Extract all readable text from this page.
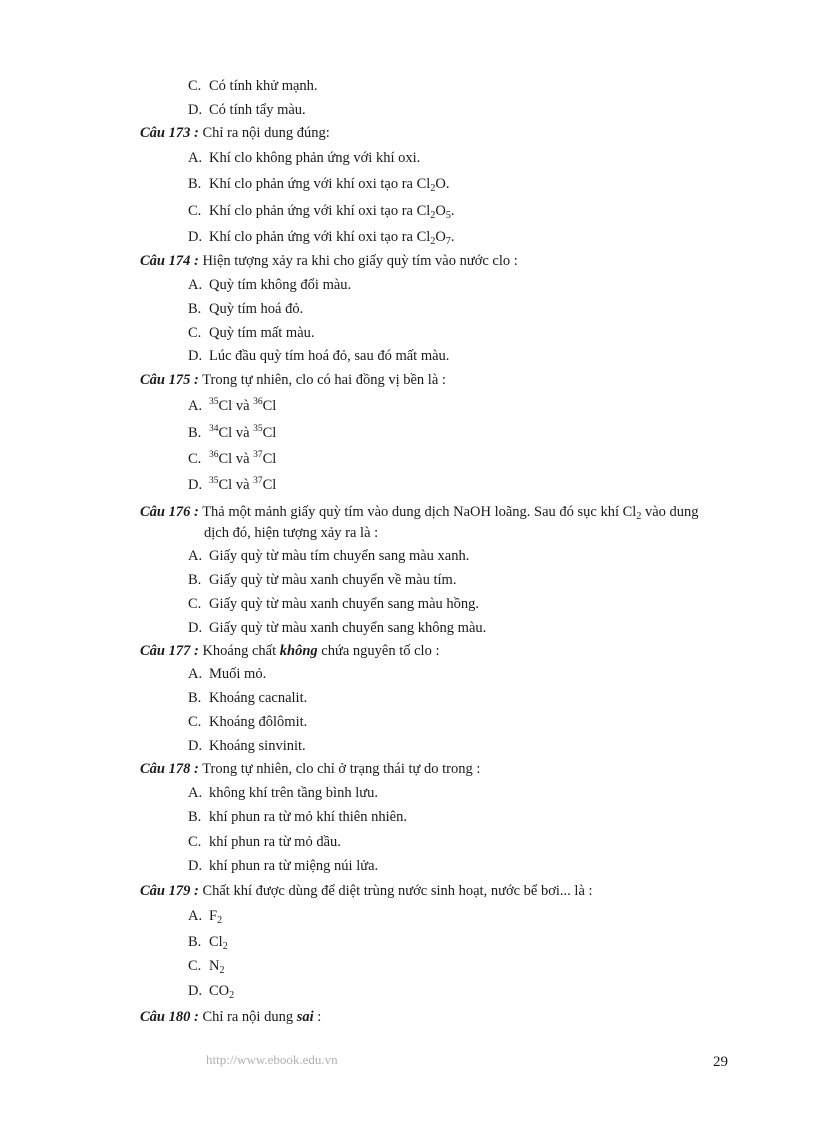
C. Có tính khử mạnh.
D. Có tính tẩy màu.
Câu 173 : Chỉ ra nội dung đúng:
A. Khí clo không phản ứng với khí oxi.
B. Khí clo phản ứng với khí oxi tạo ra $Cl_2O$.
C. Khí clo phản ứng với khí oxi tạo ra $Cl_2O_5$.
D. Khí clo phản ứng với khí oxi tạo ra $Cl_2O_7$.
Câu 174 : Hiện tượng xảy ra khi cho giấy quỳ tím vào nước clo :
A. Quỳ tím không đổi màu.
B. Quỳ tím hoá đỏ.
C. Quỳ tím mất màu.
D. Lúc đầu quỳ tím hoá đỏ, sau đó mất màu.
Câu 175 : Trong tự nhiên, clo có hai đồng vị bền là :
A. $^{35}$Cl và $^{36}$Cl
B. $^{34}$Cl và $^{35}$Cl
C. $^{36}$Cl và $^{37}$Cl
D. $^{35}$Cl và $^{37}$Cl
Câu 176 : Thả một mảnh giấy quỳ tím vào dung dịch NaOH loãng. Sau đó sục khí $Cl_2$ vào dung
dịch đó, hiện tượng xảy ra là :
A. Giấy quỳ từ màu tím chuyển sang màu xanh.
B. Giấy quỳ từ màu xanh chuyển về màu tím.
C. Giấy quỳ từ màu xanh chuyển sang màu hồng.
D. Giấy quỳ từ màu xanh chuyển sang không màu.
Câu 177 : Khoáng chất không chứa nguyên tố clo :
A. Muối mỏ.
B. Khoáng cacnalit.
C. Khoáng đôlômit.
D. Khoáng sinvinit.
Câu 178 : Trong tự nhiên, clo chỉ ở trạng thái tự do trong :
A. không khí trên tầng bình lưu.
B. khí phun ra từ mỏ khí thiên nhiên.
C. khí phun ra từ mỏ dầu.
D. khí phun ra từ miệng núi lửa.
Câu 179 : Chất khí được dùng để diệt trùng nước sinh hoạt, nước bể bơi... là :
A. $F_2$
B. $Cl_2$
C. $N_2$
D. $CO_2$
Câu 180 : Chỉ ra nội dung sai :
http://www.ebook.edu.vn	29
